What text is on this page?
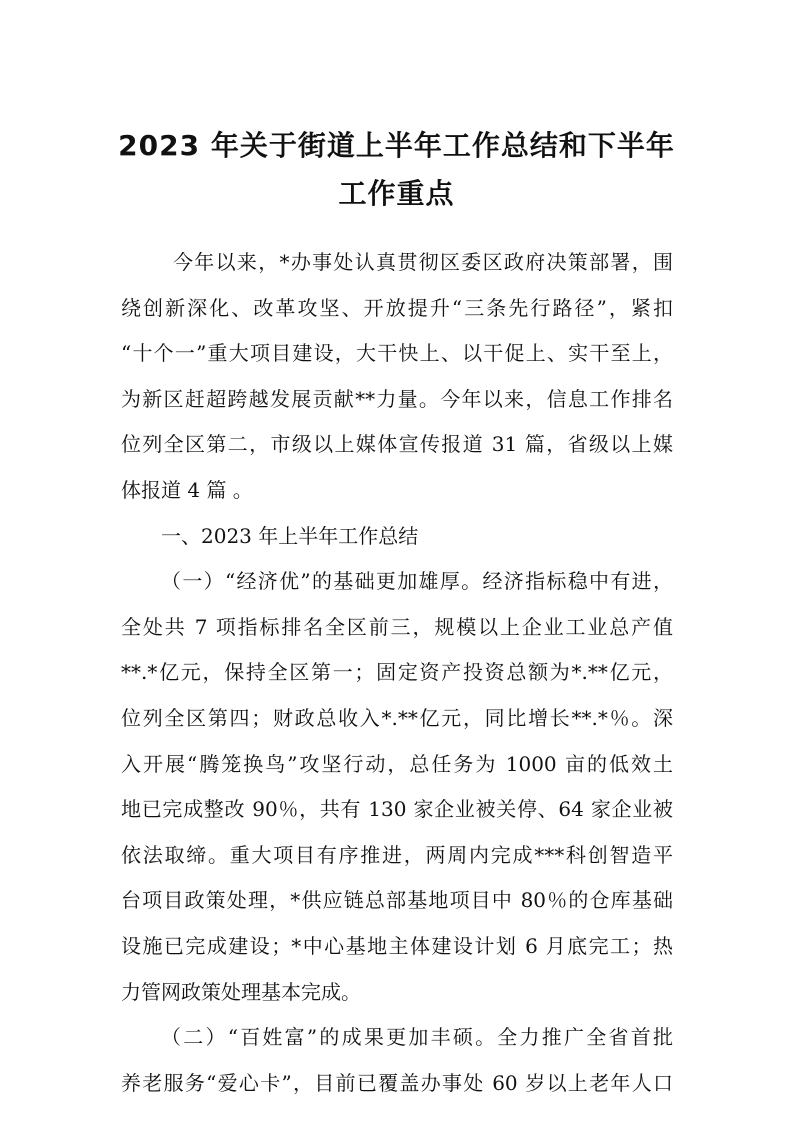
2023 年关于街道上半年工作总结和下半年
工作重点
今年以来，*办事处认真贯彻区委区政府决策部署，围
绕创新深化、改革攻坚、开放提升“三条先行路径”，紧扣
“十个一”重大项目建设，大干快上、以干促上、实干至上，
为新区赶超跨越发展贡献**力量。今年以来，信息工作排名
位列全区第二，市级以上媒体宣传报道 31 篇，省级以上媒
体报道 4 篇 。
一、2023 年上半年工作总结
（一）“经济优”的基础更加雄厚。经济指标稳中有进，
全处共 7 项指标排名全区前三，规模以上企业工业总产值
**.*亿元，保持全区第一；固定资产投资总额为*.**亿元，
位列全区第四；财政总收入*.**亿元，同比增长**.*％。深
入开展“腾笼换鸟”攻坚行动，总任务为 1000 亩的低效土
地已完成整改 90％，共有 130 家企业被关停、64 家企业被
依法取缔。重大项目有序推进，两周内完成***科创智造平
台项目政策处理，*供应链总部基地项目中 80％的仓库基础
设施已完成建设；*中心基地主体建设计划 6 月底完工；热
力管网政策处理基本完成。
（二）“百姓富”的成果更加丰硕。全力推广全省首批
养老服务“爱心卡”，目前已覆盖办事处 60 岁以上老年人口
